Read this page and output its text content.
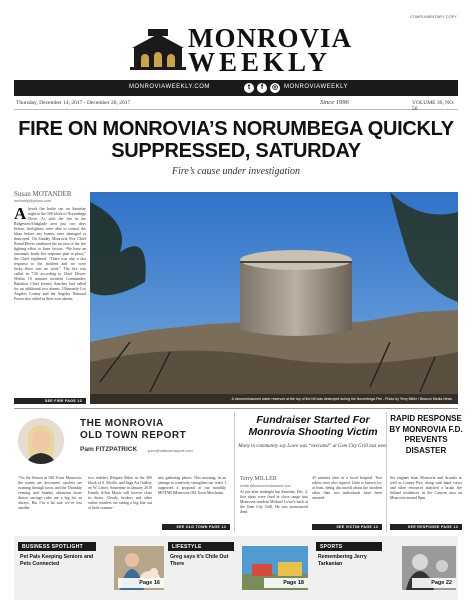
COMPLIMENTARY COPY
MONROVIA
WEEKLY
MONROVIAWEEKLY.COM	t	f	◎ MONROVIAWEEKLY
Thursday, December 14, 2017 - December 20, 2017	Since 1996	VOLUME 30, NO. 50
FIRE ON MONROVIA’S NORUMBEGA QUICKLY SUPPRESSED, SATURDAY
Fire’s cause under investigation
Susan MOTANDER
mnhwkly@yahoo.com
Abrush fire broke out on Saturday night in the 500 block of Norumbega Drive. As with the fire in the Ridgeview/Oakglade area just two days before, firefighters were able to control the blaze before any homes were damaged or destroyed. On Sunday Monrovia Fire Chief Brand Dewer attributed the success of the fire fighting effort to three factors. “We have an automatic brush fire response plan in place,” the Chief explained. “There was also a fast response to the incident and we were lucky...there was no wind.” The fire was called in 7:56 according to Chief Dewer. Within 10 minutes incident Commander, Battalion Chief Jeremy Sanchez had called for an additional two alarms. Ultimately Los Angeles County and the Angeles National Forest also called in their own alarms.
SEE FIRE PAGE 13	A decommissioned water reservoir at the top of the hill was destroyed during the Norumbega Fire - Photo by Terry Miller / Beacon Media News
THE MONROVIA
OLD TOWN REPORT
Pam FITZPATRICK	pam@oldtownreport.com
“Tis the Season in Old Town Monrovia; the streets are decorated, carolers are roaming through town, and the Thursday evening and Sunday afternoon horse drawn carriage rides are a big hit, as always. But I’m a bit sad: we’ve lost another
two retailers (Empire Bikes in the 400 block of S. Myrtle, and Saga Art Gallery on W. Lime). Sometime in January 2018 Family Affair Music will forever close its doors. Clearly, brokers and other online retailers are taking a big bite out of little commu-
nity gathering places. This morning, in an attempt to creatively strengthen our retail, I supported a proposal at our monthly MOTAB (Monrovia Old Town Merchants
SEE OLD TOWN PAGE 14
Fundraiser Started For Monrovia Shooting Victim
Many in community say Lowe was “executed” at Gem City Grill last week
Terry MILLER
tmiller@beaconmedianews.com
At just after midnight last Saturday, Dec. 2, five shots were fired at close range into Monrovia resident Michael Lowe’s back at the Gem City Grill. He was pronounced dead
45 minutes later in a local hospital. Two others were also injured. Little is known (or, at least, being discussed) about the incident other than two individuals have been arrested
SEE VICTIM PAGE 14
RAPID RESPONSE BY MONROVIA F.D. PREVENTS DISASTER
Six engines from Monrovia and Arcadia as well as County Fire, along with hand crews and other resources attacked a brush fire behind residences in the Canyon area on Monrovia around 8pm.
SEE RESPONSE PAGE 14
BUSINESS SPOTLIGHT
Pet Pals Keeping Seniors and Pets Connected
Page 16
LIFESTYLE
Greg says it’s Chile Out There
Page 18
SPORTS
Remembering Jerry Tarkanian
Page 22
